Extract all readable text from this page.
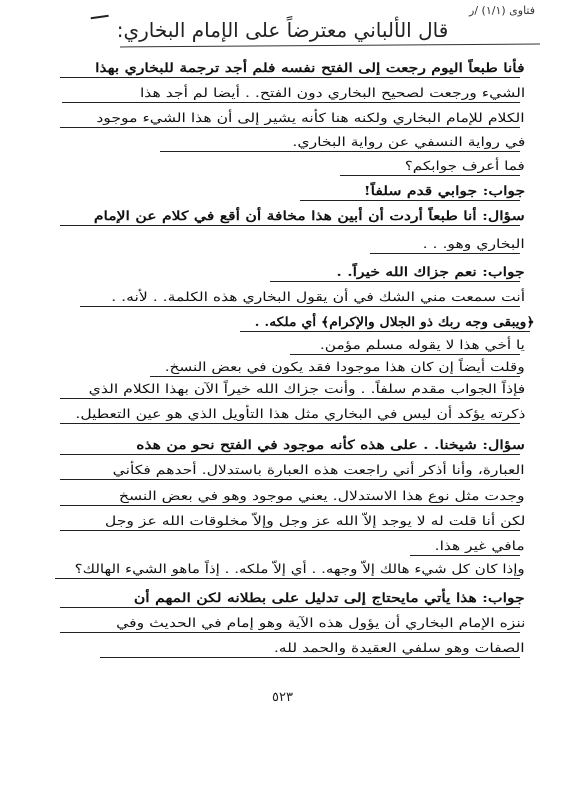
فتاوى (۱/۱) /ر
قال الألباني معترضاً على الإمام البخاري:
فأنا طبعاً اليوم رجعت إلى الفتح نفسه فلم أجد ترجمة للبخاري بهذا
الشيء ورجعت لصحيح البخاري دون الفتح. . أيضا لم أجد هذا
الكلام للإمام البخاري ولكنه هنا كأنه يشير إلى أن هذا الشيء موجود
في رواية النسفي عن رواية البخاري.
فما أعرف جوابكم؟
جواب: جوابي قدم سلفاً!
سؤال: أنا طبعاً أردت أن أبين هذا مخافة أن أقع في كلام عن الإمام
البخاري وهو. . .
جواب: نعم جزاك الله خيراً. .
أنت سمعت مني الشك في أن يقول البخاري هذه الكلمة. . لأنه. .
﴿ويبقى وجه ربك ذو الجلال والإكرام﴾ أي ملكه. .
يا أخي هذا لا يقوله مسلم مؤمن.
وقلت أيضاً إن كان هذا موجودا فقد يكون في بعض النسخ.
فإذاً الجواب مقدم سلفاً. . وأنت جزاك الله خيراً الآن بهذا الكلام الذي
ذكرته يؤكد أن ليس في البخاري مثل هذا التأويل الذي هو عين التعطيل.
سؤال: شيخنا. . على هذه كأنه موجود في الفتح نحو من هذه
العبارة، وأنا أذكر أني راجعت هذه العبارة باستدلال. أحدهم فكأني
وجدت مثل نوع هذا الاستدلال. يعني موجود وهو في بعض النسخ
لكن أنا قلت له لا يوجد إلاّ الله عز وجل وإلاّ مخلوقات الله عز وجل
مافي غير هذا.
وإذا كان كل شيء هالك إلاّ وجهه. . أي إلاّ ملكه. . إذاً ماهو الشيء الهالك؟
جواب: هذا يأتي مايحتاج إلى تدليل على بطلانه لكن المهم أن
ننزه الإمام البخاري أن يؤول هذه الآية وهو إمام في الحديث وفي
الصفات وهو سلفي العقيدة والحمد لله.
٥٢٣
